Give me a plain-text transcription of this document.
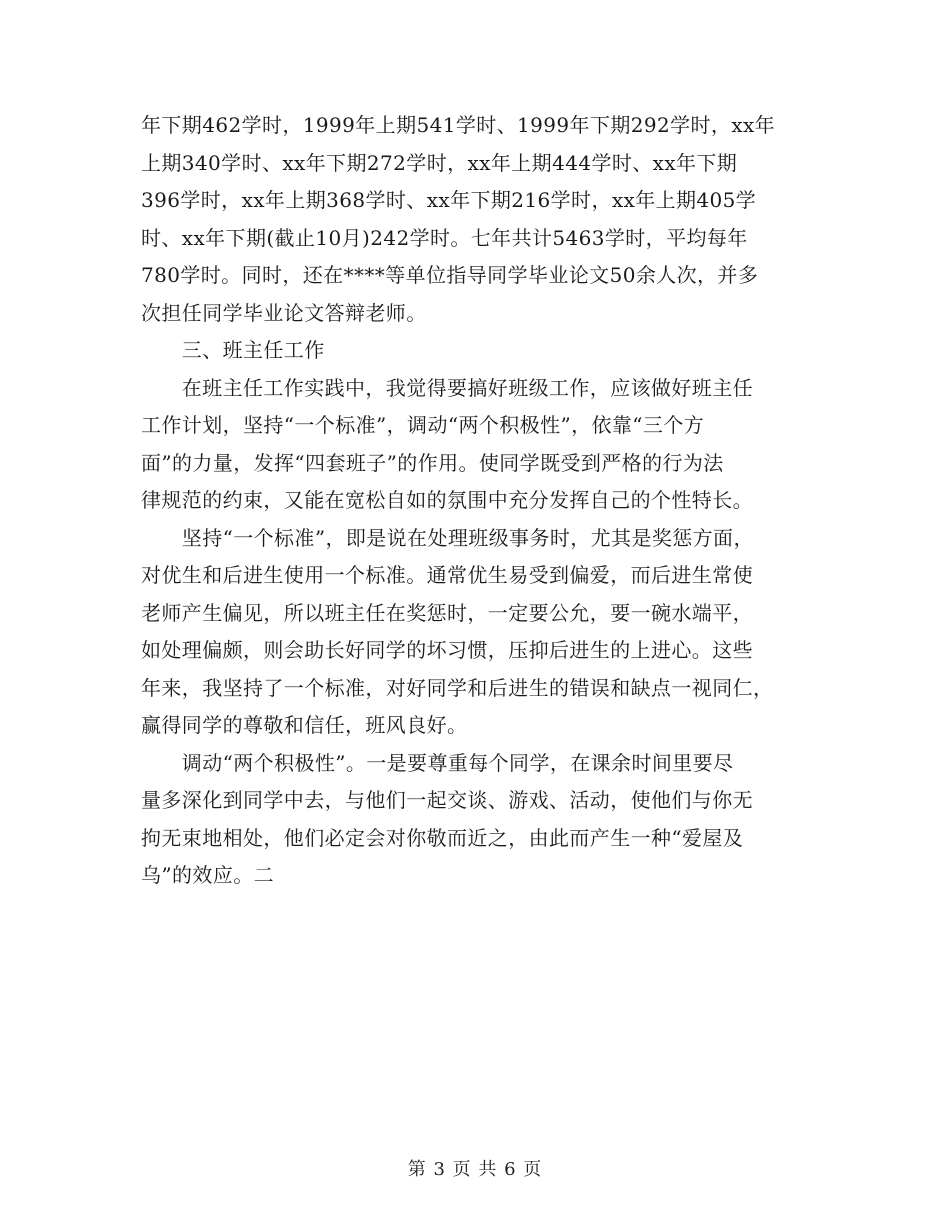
年下期462学时，1999年上期541学时、1999年下期292学时，xx年
上期340学时、xx年下期272学时，xx年上期444学时、xx年下期
396学时，xx年上期368学时、xx年下期216学时，xx年上期405学
时、xx年下期(截止10月)242学时。七年共计5463学时，平均每年
780学时。同时，还在****等单位指导同学毕业论文50余人次，并多
次担任同学毕业论文答辩老师。
　　三、班主任工作
　　在班主任工作实践中，我觉得要搞好班级工作，应该做好班主任
工作计划，坚持“一个标准”，调动“两个积极性”，依靠“三个方
面”的力量，发挥“四套班子”的作用。使同学既受到严格的行为法
律规范的约束，又能在宽松自如的氛围中充分发挥自己的个性特长。
　　坚持“一个标准”，即是说在处理班级事务时，尤其是奖惩方面，
对优生和后进生使用一个标准。通常优生易受到偏爱，而后进生常使
老师产生偏见，所以班主任在奖惩时，一定要公允，要一碗水端平，
如处理偏颇，则会助长好同学的坏习惯，压抑后进生的上进心。这些
年来，我坚持了一个标准，对好同学和后进生的错误和缺点一视同仁，
赢得同学的尊敬和信任，班风良好。
　　调动“两个积极性”。一是要尊重每个同学，在课余时间里要尽
量多深化到同学中去，与他们一起交谈、游戏、活动，使他们与你无
拘无束地相处，他们必定会对你敬而近之，由此而产生一种“爱屋及
乌”的效应。二
第 3 页 共 6 页
